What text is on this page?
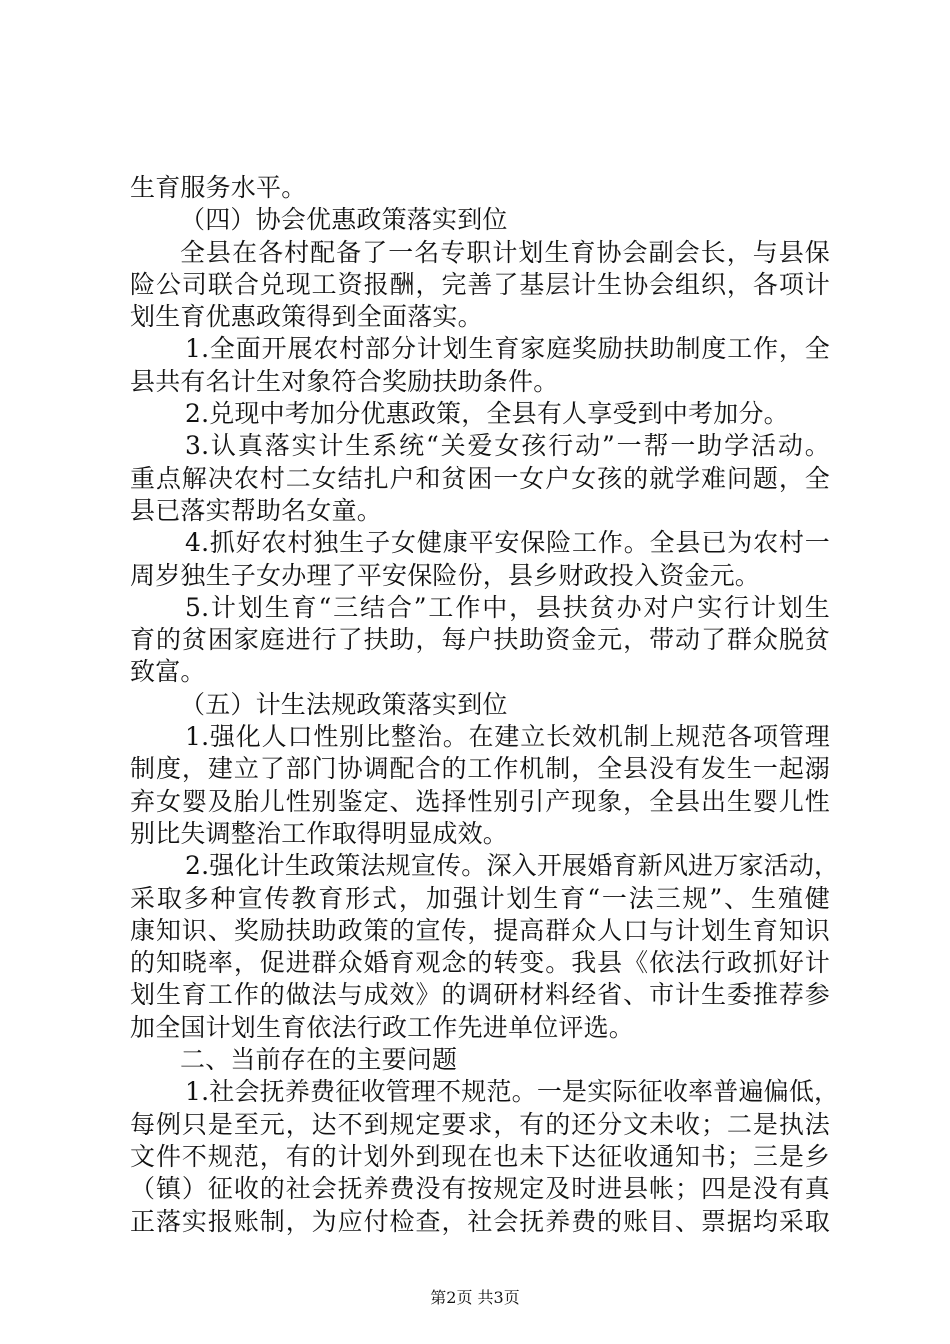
生育服务水平。
（四）协会优惠政策落实到位
全县在各村配备了一名专职计划生育协会副会长，与县保
险公司联合兑现工资报酬，完善了基层计生协会组织，各项计
划生育优惠政策得到全面落实。
1.全面开展农村部分计划生育家庭奖励扶助制度工作，全
县共有名计生对象符合奖励扶助条件。
2.兑现中考加分优惠政策，全县有人享受到中考加分。
3.认真落实计生系统“关爱女孩行动”一帮一助学活动。
重点解决农村二女结扎户和贫困一女户女孩的就学难问题，全
县已落实帮助名女童。
4.抓好农村独生子女健康平安保险工作。全县已为农村一
周岁独生子女办理了平安保险份，县乡财政投入资金元。
5.计划生育“三结合”工作中，县扶贫办对户实行计划生
育的贫困家庭进行了扶助，每户扶助资金元，带动了群众脱贫
致富。
（五）计生法规政策落实到位
1.强化人口性别比整治。在建立长效机制上规范各项管理
制度，建立了部门协调配合的工作机制，全县没有发生一起溺
弃女婴及胎儿性别鉴定、选择性别引产现象，全县出生婴儿性
别比失调整治工作取得明显成效。
2.强化计生政策法规宣传。深入开展婚育新风进万家活动，
采取多种宣传教育形式，加强计划生育“一法三规”、生殖健
康知识、奖励扶助政策的宣传，提高群众人口与计划生育知识
的知晓率，促进群众婚育观念的转变。我县《依法行政抓好计
划生育工作的做法与成效》的调研材料经省、市计生委推荐参
加全国计划生育依法行政工作先进单位评选。
二、当前存在的主要问题
1.社会抚养费征收管理不规范。一是实际征收率普遍偏低，
每例只是至元，达不到规定要求，有的还分文未收；二是执法
文件不规范，有的计划外到现在也未下达征收通知书；三是乡
（镇）征收的社会抚养费没有按规定及时进县帐；四是没有真
正落实报账制，为应付检查，社会抚养费的账目、票据均采取
第2页 共3页
